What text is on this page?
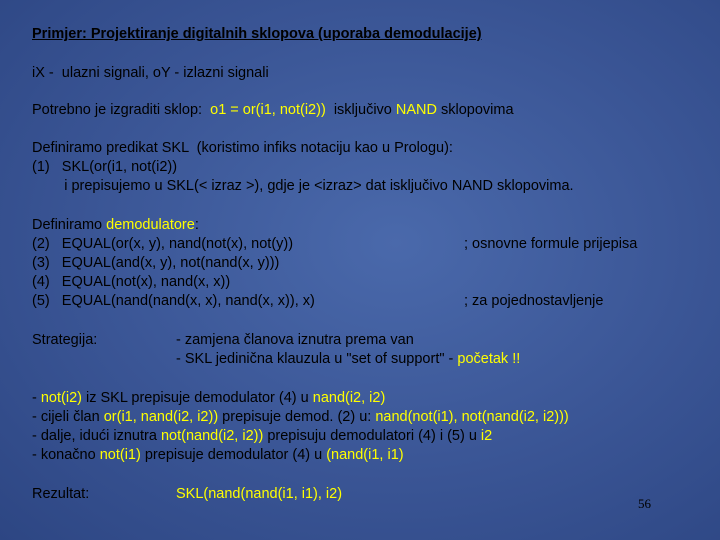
Primjer: Projektiranje digitalnih sklopova (uporaba demodulacije)
iX -  ulazni signali, oY - izlazni signali
Potrebno je izgraditi sklop:  o1 = or(i1, not(i2))  isključivo NAND sklopovima
Definiramo predikat SKL  (koristimo infiks notaciju kao u Prologu):
(1)   SKL(or(i1, not(i2))
i prepisujemo u SKL(< izraz >), gdje je <izraz> dat isključivo NAND sklopovima.
Definiramo demodulatore:
(2)   EQUAL(or(x, y), nand(not(x), not(y))
(3)   EQUAL(and(x, y), not(nand(x, y)))
(4)   EQUAL(not(x), nand(x, x))
(5)   EQUAL(nand(nand(x, x), nand(x, x)), x)
; osnovne formule prijepisa
; za pojednostavljenje
Strategija:	- zamjena članova iznutra prema van
- SKL jedinična klauzula u "set of support" - početak !!
- not(i2) iz SKL prepisuje demodulator (4) u nand(i2, i2)
- cijeli član or(i1, nand(i2, i2)) prepisuje demod. (2) u: nand(not(i1), not(nand(i2, i2)))
- dalje, idući iznutra not(nand(i2, i2)) prepisuju demodulatori (4) i (5) u i2
- konačno not(i1) prepisuje demodulator (4) u (nand(i1, i1)
Rezultat:	SKL(nand(nand(i1, i1), i2)
56
